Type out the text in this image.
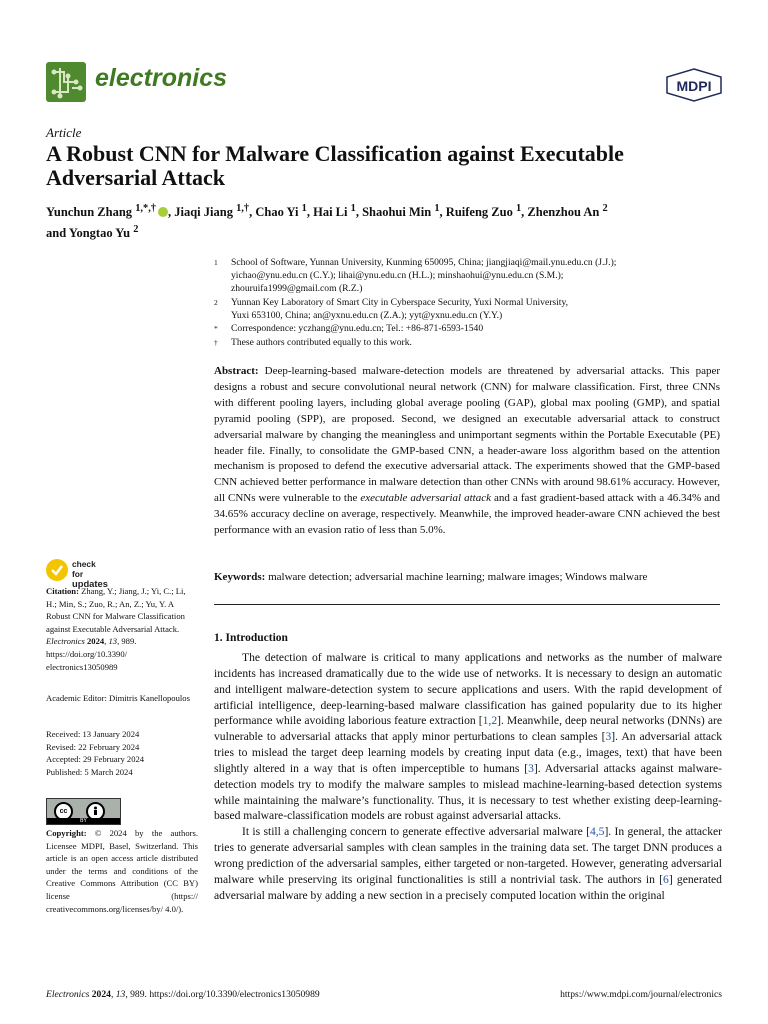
electronics	MDPI
Article
A Robust CNN for Malware Classification against Executable Adversarial Attack
Yunchun Zhang $^{1,*,\dagger}$ , Jiaqi Jiang $^{1,\dagger}$, Chao Yi $^1$, Hai Li $^1$, Shaohui Min $^1$, Ruifeng Zuo $^1$, Zhenzhou An $^2$
and Yongtao Yu $^2$
1 School of Software, Yunnan University, Kunming 650095, China; jiangjiaqi@mail.ynu.edu.cn (J.J.);
yichao@ynu.edu.cn (C.Y.); lihai@ynu.edu.cn (H.L.); minshaohui@ynu.edu.cn (S.M.);
zhouruifa1999@gmail.com (R.Z.)
2 Yunnan Key Laboratory of Smart City in Cyberspace Security, Yuxi Normal University,
Yuxi 653100, China; an@yxnu.edu.cn (Z.A.); yyt@yxnu.edu.cn (Y.Y.)
* Correspondence: yczhang@ynu.edu.cn; Tel.: +86-871-6593-1540
† These authors contributed equally to this work.
Abstract: Deep-learning-based malware-detection models are threatened by adversarial attacks. This paper designs a robust and secure convolutional neural network (CNN) for malware classification. First, three CNNs with different pooling layers, including global average pooling (GAP), global max pooling (GMP), and spatial pyramid pooling (SPP), are proposed. Second, we designed an executable adversarial attack to construct adversarial malware by changing the meaningless and unimportant segments within the Portable Executable (PE) header file. Finally, to consolidate the GMP-based CNN, a header-aware loss algorithm based on the attention mechanism is proposed to defend the executive adversarial attack. The experiments showed that the GMP-based CNN achieved better performance in malware detection than other CNNs with around 98.61% accuracy. However, all CNNs were vulnerable to the executable adversarial attack and a fast gradient-based attack with a 46.34% and 34.65% accuracy decline on average, respectively. Meanwhile, the improved header-aware CNN achieved the best performance with an evasion ratio of less than 5.0%.
Keywords: malware detection; adversarial machine learning; malware images; Windows malware
check for
updates
Citation: Zhang, Y.; Jiang, J.; Yi, C.; Li, H.; Min, S.; Zuo, R.; An, Z.; Yu, Y. A Robust CNN for Malware Classification against Executable Adversarial Attack. Electronics 2024, 13, 989. https://doi.org/10.3390/ electronics13050989
Academic Editor: Dimitris Kanellopoulos
Received: 13 January 2024
Revised: 22 February 2024
Accepted: 29 February 2024
Published: 5 March 2024
cc
BY
Copyright: © 2024 by the authors. Licensee MDPI, Basel, Switzerland. This article is an open access article distributed under the terms and conditions of the Creative Commons Attribution (CC BY) license (https:// creativecommons.org/licenses/by/ 4.0/).
1. Introduction

The detection of malware is critical to many applications and networks as the number of malware incidents has increased dramatically due to the wide use of networks. It is necessary to design an automatic and intelligent malware-detection system to secure applications and users. With the rapid development of artificial intelligence, deep-learning-based malware classification has gained popularity due to its higher performance while avoiding laborious feature extraction [1,2]. Meanwhile, deep neural networks (DNNs) are vulnerable to adversarial attacks that apply minor perturbations to clean samples [3]. An adversarial attack tries to mislead the target deep learning models by creating input data (e.g., images, text) that have been slightly altered in a way that is often imperceptible to humans [3]. Adversarial attacks against malware-detection models try to modify the malware samples to mislead machine-learning-based detection systems while maintaining the malware’s functionality. Thus, it is necessary to test whether existing deep-learning-based malware-classification models are robust against adversarial attacks.

It is still a challenging concern to generate effective adversarial malware [4,5]. In general, the attacker tries to generate adversarial samples with clean samples in the training data set. The target DNN produces a wrong prediction of the adversarial samples, either targeted or non-targeted. However, generating adversarial malware while preserving its original functionalities is still a nontrivial task. The authors in [6] generated adversarial malware by adding a new section in a precisely computed location within the original

Electronics 2024, 13, 989. https://doi.org/10.3390/electronics13050989	https://www.mdpi.com/journal/electronics
